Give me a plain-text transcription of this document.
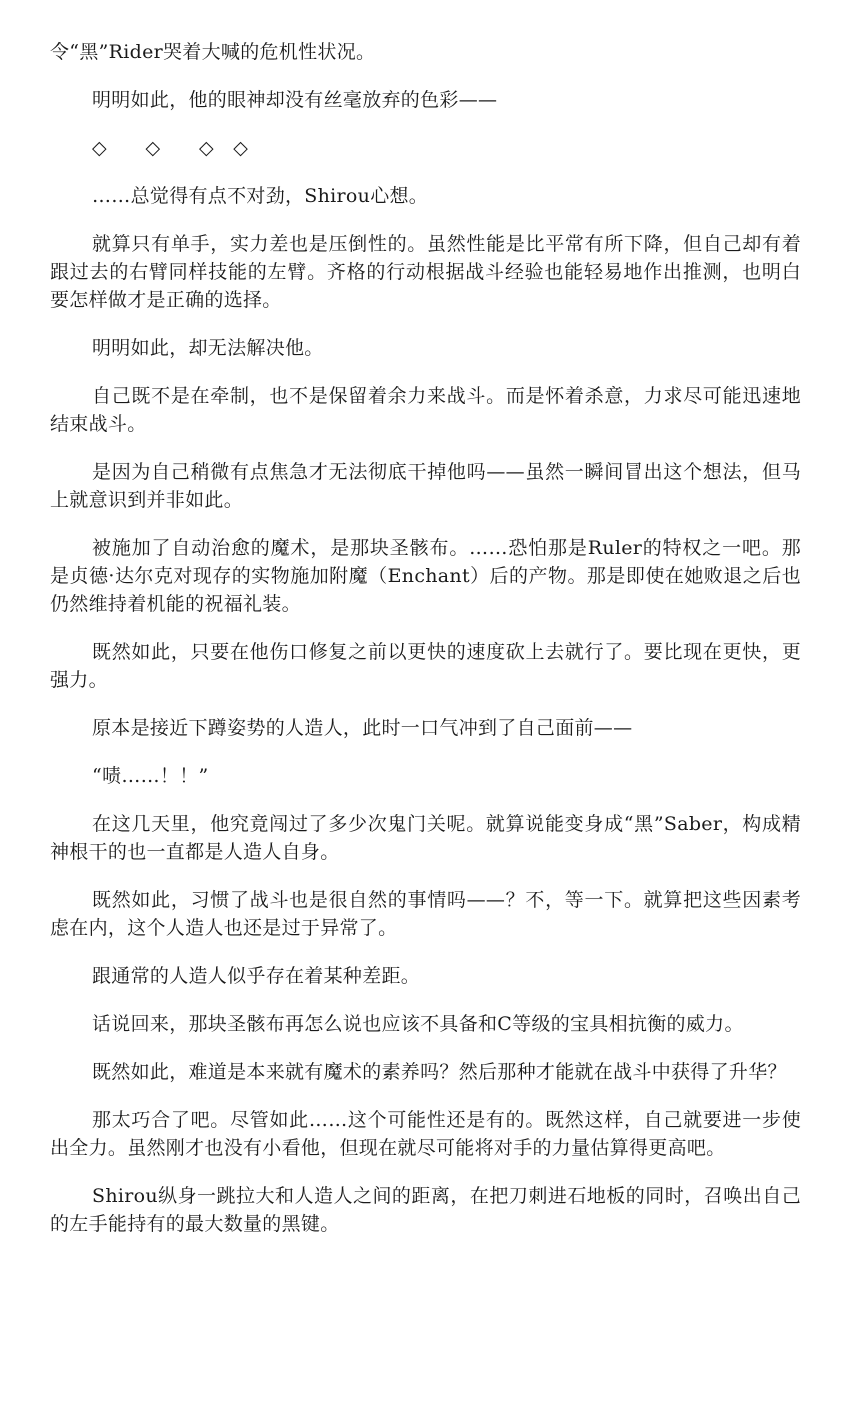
令“黑”Rider哭着大喊的危机性状况。

明明如此，他的眼神却没有丝毫放弃的色彩——

◇　　◇　　◇　◇

……总觉得有点不对劲，Shirou心想。

就算只有单手，实力差也是压倒性的。虽然性能是比平常有所下降，但自己却有着跟过去的右臂同样技能的左臂。齐格的行动根据战斗经验也能轻易地作出推测，也明白要怎样做才是正确的选择。

明明如此，却无法解决他。

自己既不是在牵制，也不是保留着余力来战斗。而是怀着杀意，力求尽可能迅速地结束战斗。

是因为自己稍微有点焦急才无法彻底干掉他吗——虽然一瞬间冒出这个想法，但马上就意识到并非如此。

被施加了自动治愈的魔术，是那块圣骸布。……恐怕那是Ruler的特权之一吧。那是贞德·达尔克对现存的实物施加附魔（Enchant）后的产物。那是即使在她败退之后也仍然维持着机能的祝福礼装。

既然如此，只要在他伤口修复之前以更快的速度砍上去就行了。要比现在更快，更强力。

原本是接近下蹲姿势的人造人，此时一口气冲到了自己面前——

“啧……！！”

在这几天里，他究竟闯过了多少次鬼门关呢。就算说能变身成“黑”Saber，构成精神根干的也一直都是人造人自身。

既然如此，习惯了战斗也是很自然的事情吗——？不，等一下。就算把这些因素考虑在内，这个人造人也还是过于异常了。

跟通常的人造人似乎存在着某种差距。

话说回来，那块圣骸布再怎么说也应该不具备和C等级的宝具相抗衡的威力。

既然如此，难道是本来就有魔术的素养吗？然后那种才能就在战斗中获得了升华？

那太巧合了吧。尽管如此……这个可能性还是有的。既然这样，自己就要进一步使出全力。虽然刚才也没有小看他，但现在就尽可能将对手的力量估算得更高吧。

Shirou纵身一跳拉大和人造人之间的距离，在把刀刺进石地板的同时，召唤出自己的左手能持有的最大数量的黑键。
